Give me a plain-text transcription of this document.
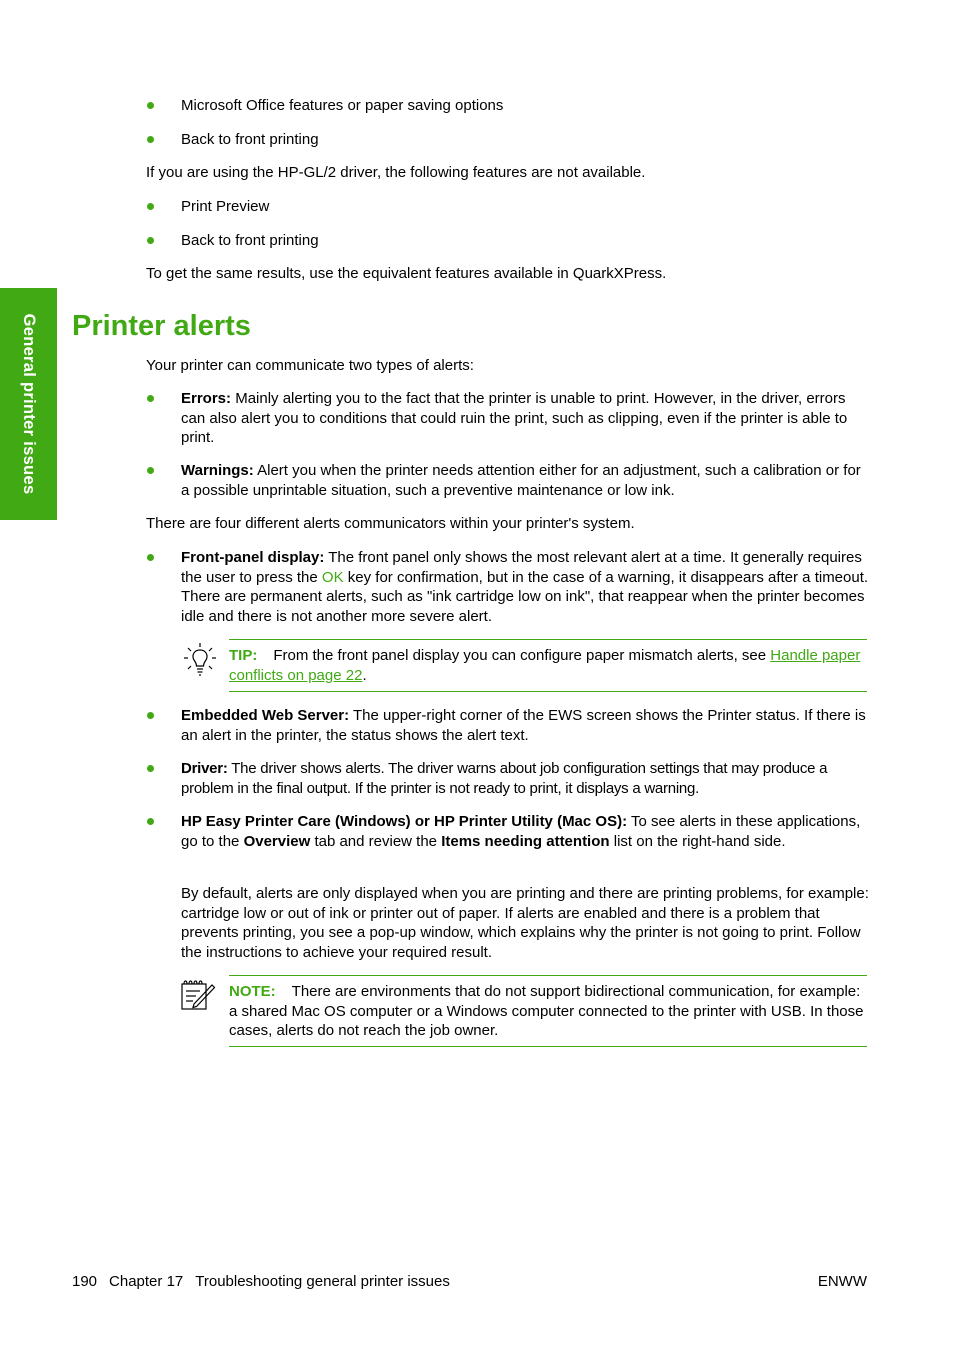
General printer issues
Microsoft Office features or paper saving options
Back to front printing
If you are using the HP-GL/2 driver, the following features are not available.
Print Preview
Back to front printing
To get the same results, use the equivalent features available in QuarkXPress.
Printer alerts
Your printer can communicate two types of alerts:
Errors: Mainly alerting you to the fact that the printer is unable to print. However, in the driver, errors can also alert you to conditions that could ruin the print, such as clipping, even if the printer is able to print.
Warnings: Alert you when the printer needs attention either for an adjustment, such a calibration or for a possible unprintable situation, such a preventive maintenance or low ink.
There are four different alerts communicators within your printer's system.
Front-panel display: The front panel only shows the most relevant alert at a time. It generally requires the user to press the OK key for confirmation, but in the case of a warning, it disappears after a timeout. There are permanent alerts, such as "ink cartridge low on ink", that reappear when the printer becomes idle and there is not another more severe alert.
TIP: From the front panel display you can configure paper mismatch alerts, see Handle paper conflicts on page 22.
Embedded Web Server: The upper-right corner of the EWS screen shows the Printer status. If there is an alert in the printer, the status shows the alert text.
Driver: The driver shows alerts. The driver warns about job configuration settings that may produce a problem in the final output. If the printer is not ready to print, it displays a warning.
HP Easy Printer Care (Windows) or HP Printer Utility (Mac OS): To see alerts in these applications, go to the Overview tab and review the Items needing attention list on the right-hand side.
By default, alerts are only displayed when you are printing and there are printing problems, for example: cartridge low or out of ink or printer out of paper. If alerts are enabled and there is a problem that prevents printing, you see a pop-up window, which explains why the printer is not going to print. Follow the instructions to achieve your required result.
NOTE: There are environments that do not support bidirectional communication, for example: a shared Mac OS computer or a Windows computer connected to the printer with USB. In those cases, alerts do not reach the job owner.
190 Chapter 17 Troubleshooting general printer issues	ENWW
